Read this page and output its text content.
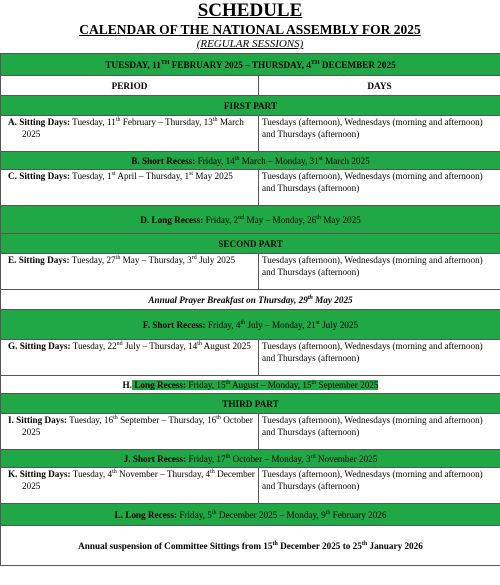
SCHEDULE
CALENDAR OF THE NATIONAL ASSEMBLY FOR 2025
(REGULAR SESSIONS)
TUESDAY, 11TH FEBRUARY 2025 – THURSDAY, 4TH DECEMBER 2025	
PERIOD	DAYS
FIRST PART	

A. Sitting Days: Tuesday, 11th February – Thursday, 13th March 2025	Tuesdays (afternoon), Wednesdays (morning and afternoon) and Thursdays (afternoon)
B. Short Recess: Friday, 14th March – Monday, 31st March 2025	

C. Sitting Days: Tuesday, 1st April – Thursday, 1st May 2025	Tuesdays (afternoon), Wednesdays (morning and afternoon) and Thursdays (afternoon)
D. Long Recess: Friday, 2nd May – Monday, 26th May 2025	
SECOND PART	

E. Sitting Days: Tuesday, 27th May – Thursday, 3rd July 2025	Tuesdays (afternoon), Wednesdays (morning and afternoon) and Thursdays (afternoon)
Annual Prayer Breakfast on Thursday, 29th May 2025	
F. Short Recess: Friday, 4th July – Monday, 21st July 2025	

G. Sitting Days: Tuesday, 22nd July – Thursday, 14th August 2025	Tuesdays (afternoon), Wednesdays (morning and afternoon) and Thursdays (afternoon)
H. Long Recess: Friday, 15th August – Monday, 15th September 2025	
THIRD PART	

I. Sitting Days: Tuesday, 16th September – Thursday, 16th October 2025	Tuesdays (afternoon), Wednesdays (morning and afternoon) and Thursdays (afternoon)
J. Short Recess: Friday, 17th October – Monday, 3rd November 2025	

K. Sitting Days: Tuesday, 4th November – Thursday, 4th December 2025	Tuesdays (afternoon), Wednesdays (morning and afternoon) and Thursdays (afternoon)
L. Long Recess: Friday, 5th December 2025 – Monday, 9th February 2026	
Annual suspension of Committee Sittings from 15th December 2025 to 25th January 2026	
